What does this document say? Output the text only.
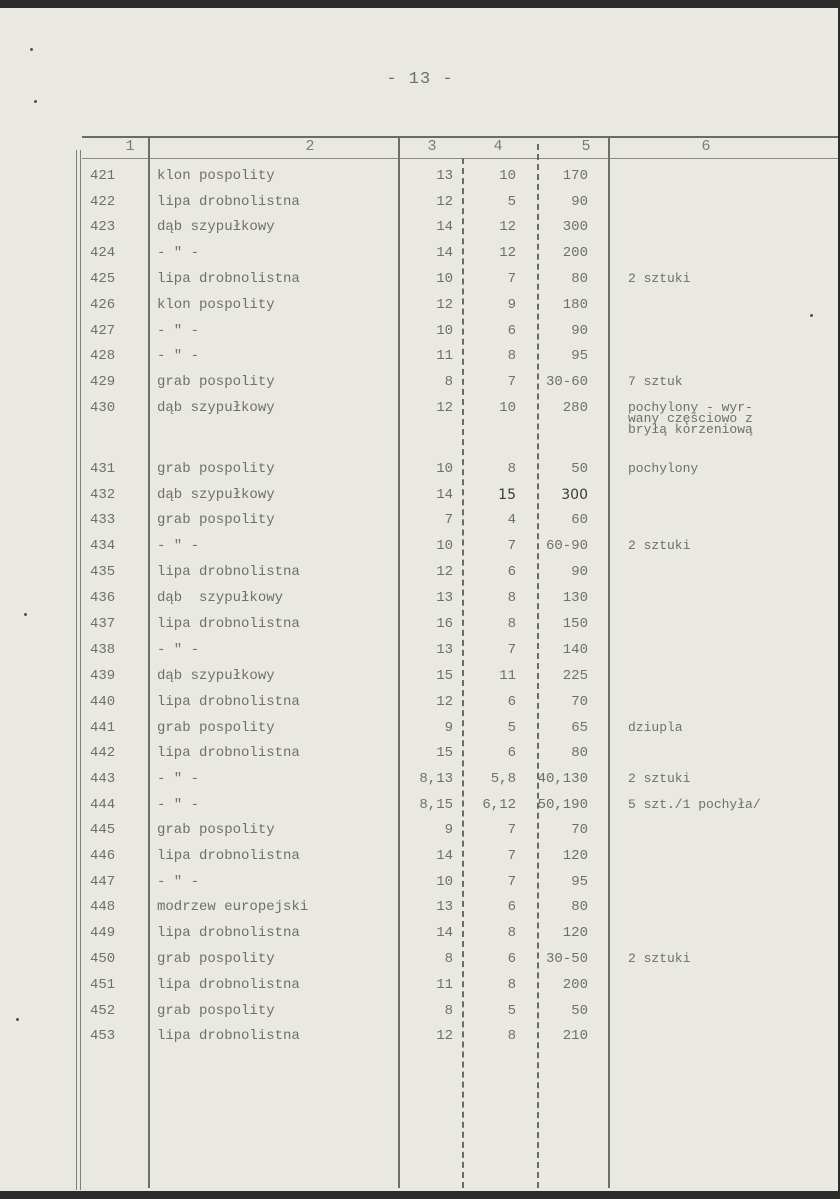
- 13 -
1	2	3	4	5	6
421	klon pospolity	13	10	170
422	lipa drobnolistna	12	5	90
423	dąb szypułkowy	14	12	300
424	- " -	14	12	200
425	lipa drobnolistna	10	7	80	2 sztuki
426	klon pospolity	12	9	180
427	- " -	10	6	90
428	- " -	11	8	95
429	grab pospolity	8	7	30-60	7 sztuk
430	dąb szypułkowy	12	10	280	pochylony - wyr-
wany częściowo z
bryłą korzeniową
431	grab pospolity	10	8	50	pochylony
432	dąb szypułkowy	14	15	300
433	grab pospolity	7	4	60
434	- " -	10	7	60-90	2 sztuki
435	lipa drobnolistna	12	6	90
436	dąb  szypułkowy	13	8	130
437	lipa drobnolistna	16	8	150
438	- " -	13	7	140
439	dąb szypułkowy	15	11	225
440	lipa drobnolistna	12	6	70
441	grab pospolity	9	5	65	dziupla
442	lipa drobnolistna	15	6	80
443	- " -	8,13	5,8	40,130	2 sztuki
444	- " -	8,15	6,12	50,190	5 szt./1 pochyła/
445	grab pospolity	9	7	70
446	lipa drobnolistna	14	7	120
447	- " -	10	7	95
448	modrzew europejski	13	6	80
449	lipa drobnolistna	14	8	120
450	grab pospolity	8	6	30-50	2 sztuki
451	lipa drobnolistna	11	8	200
452	grab pospolity	8	5	50
453	lipa drobnolistna	12	8	210
